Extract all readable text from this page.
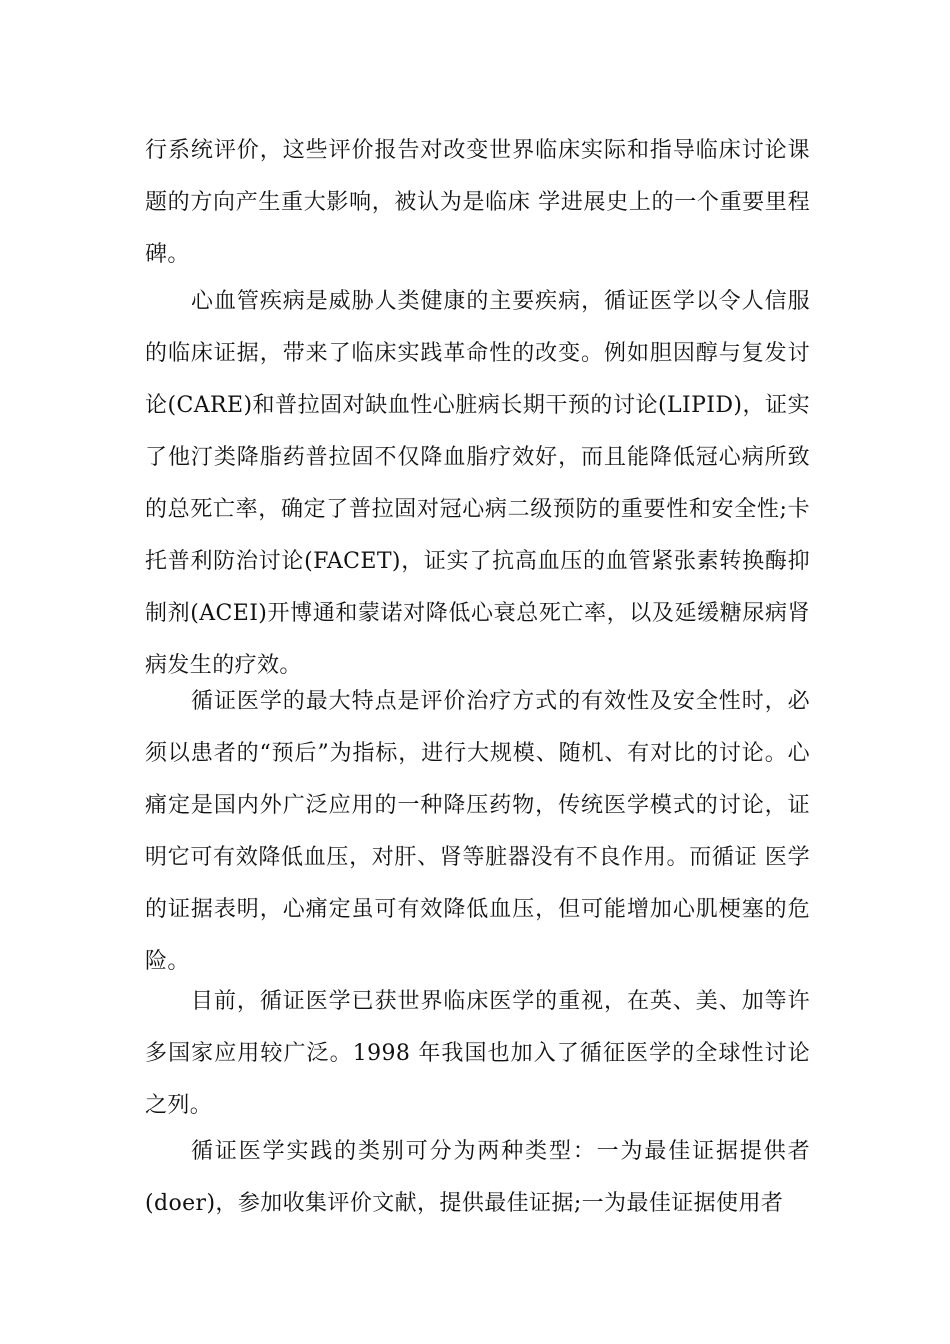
行系统评价，这些评价报告对改变世界临床实际和指导临床讨论课题的方向产生重大影响，被认为是临床 学进展史上的一个重要里程碑。

心血管疾病是威胁人类健康的主要疾病，循证医学以令人信服的临床证据，带来了临床实践革命性的改变。例如胆因醇与复发讨论(CARE)和普拉固对缺血性心脏病长期干预的讨论(LIPID)，证实了他汀类降脂药普拉固不仅降血脂疗效好，而且能降低冠心病所致的总死亡率，确定了普拉固对冠心病二级预防的重要性和安全性;卡托普利防治讨论(FACET)，证实了抗高血压的血管紧张素转换酶抑制剂(ACEI)开博通和蒙诺对降低心衰总死亡率，以及延缓糖尿病肾病发生的疗效。

循证医学的最大特点是评价治疗方式的有效性及安全性时，必须以患者的“预后”为指标，进行大规模、随机、有对比的讨论。心痛定是国内外广泛应用的一种降压药物，传统医学模式的讨论，证明它可有效降低血压，对肝、肾等脏器没有不良作用。而循证 医学的证据表明，心痛定虽可有效降低血压，但可能增加心肌梗塞的危险。

目前，循证医学已获世界临床医学的重视，在英、美、加等许多国家应用较广泛。1998 年我国也加入了循征医学的全球性讨论之列。

循证医学实践的类别可分为两种类型：一为最佳证据提供者(doer)，参加收集评价文献，提供最佳证据;一为最佳证据使用者
